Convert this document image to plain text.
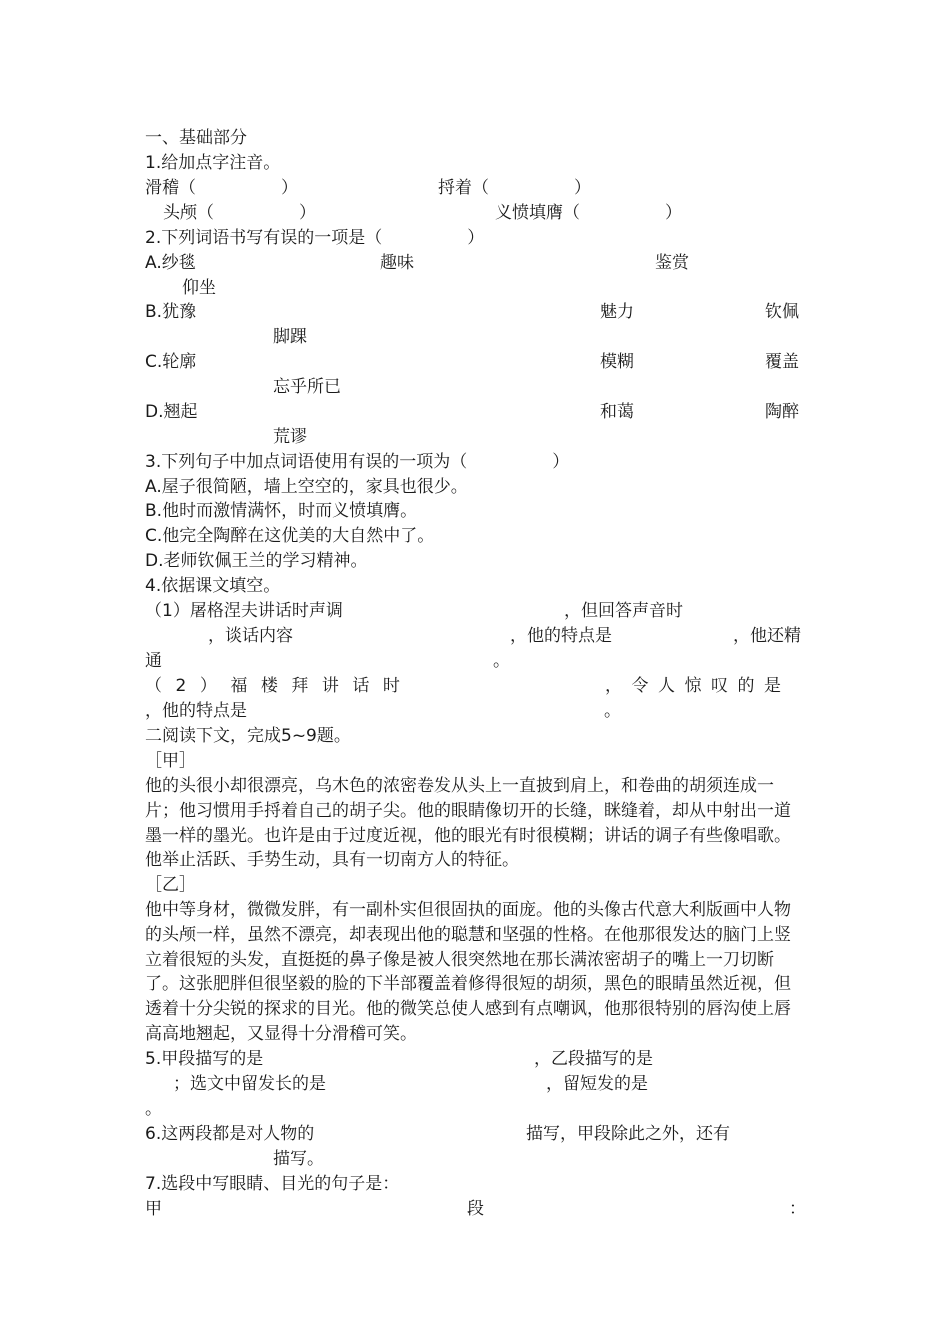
一、基础部分
1.给加点字注音。
滑稽（　　　　　）	捋着（　　　　　）
头颅（　　　　　）	义愤填膺（　　　　　）
2.下列词语书写有误的一项是（　　　　　）
A.纱毯	趣味	鉴赏
仰坐
B.犹豫	魅力	钦佩
脚踝
C.轮廓	模糊	覆盖
忘乎所已
D.翘起	和蔼	陶醉
荒谬
3.下列句子中加点词语使用有误的一项为（　　　　　）
A.屋子很简陋，墙上空空的，家具也很少。
B.他时而激情满怀，时而义愤填膺。
C.他完全陶醉在这优美的大自然中了。
D.老师钦佩王兰的学习精神。
4.依据课文填空。
（1）屠格涅夫讲话时声调	，但回答声音时
，谈话内容	，他的特点是	，他还精
通	。
（2）福楼拜讲话时	，令人惊叹的是
，他的特点是	。
二阅读下文，完成5~9题。
［甲］
他的头很小却很漂亮，乌木色的浓密卷发从头上一直披到肩上，和卷曲的胡须连成一片；他习惯用手捋着自己的胡子尖。他的眼睛像切开的长缝，眯缝着，却从中射出一道墨一样的墨光。也许是由于过度近视，他的眼光有时很模糊；讲话的调子有些像唱歌。他举止活跃、手势生动，具有一切南方人的特征。
［乙］
他中等身材，微微发胖，有一副朴实但很固执的面庞。他的头像古代意大利版画中人物的头颅一样，虽然不漂亮，却表现出他的聪慧和坚强的性格。在他那很发达的脑门上竖立着很短的头发，直挺挺的鼻子像是被人很突然地在那长满浓密胡子的嘴上一刀切断了。这张肥胖但很坚毅的脸的下半部覆盖着修得很短的胡须，黑色的眼睛虽然近视，但透着十分尖锐的探求的目光。他的微笑总使人感到有点嘲讽，他那很特别的唇沟使上唇高高地翘起，又显得十分滑稽可笑。
5.甲段描写的是	，乙段描写的是
；选文中留发长的是	，留短发的是
。
6.这两段都是对人物的	描写，甲段除此之外，还有
描写。
7.选段中写眼睛、目光的句子是：
甲	段	：
